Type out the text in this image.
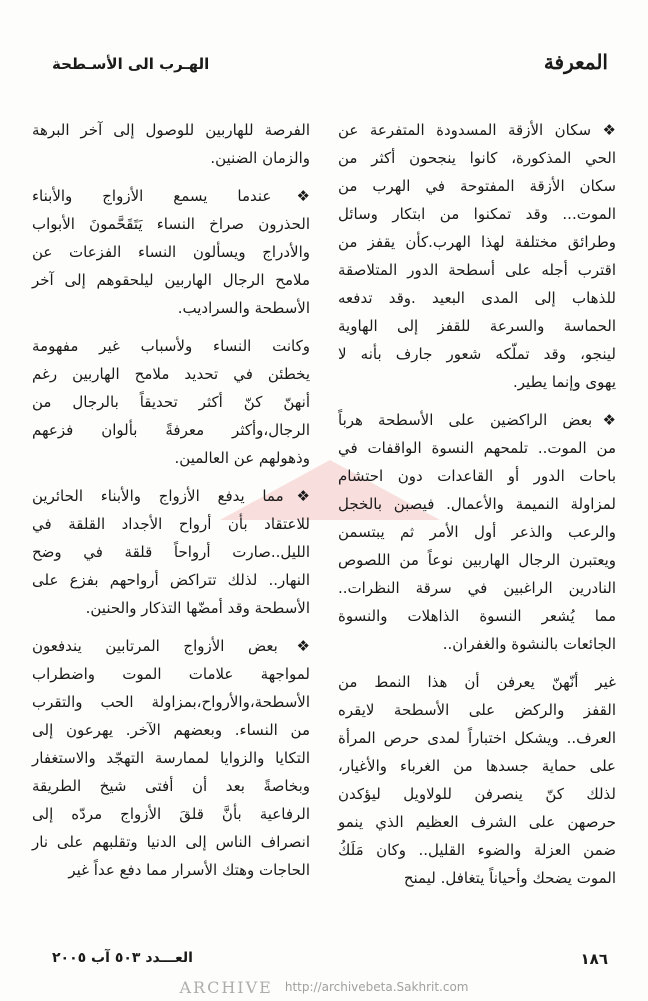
المعرفة
الهـرب الى الأسـطحة
❖ سكان الأزقة المسدودة المتفرعة عن
الحي المذكورة، كانوا ينجحون أكثر من
سكان الأزقة المفتوحة في الهرب من
الموت... وقد تمكنوا من ابتكار وسائل
وطرائق مختلفة لهذا الهرب.كأن يقفز من
اقترب أجله على أسطحة الدور المتلاصقة
للذهاب إلى المدى البعيد .وقد تدفعه
الحماسة والسرعة للقفز إلى الهاوية
لينجو، وقد تملّكه شعور جارف بأنه لا
يهوى وإنما يطير.
❖بعض الراكضين على الأسطحة هرباً
من الموت.. تلمحهم النسوة الواقفات في
باحات الدور أو القاعدات دون احتشام
لمزاولة النميمة والأعمال. فيصبن بالخجل
والرعب والذعر أول الأمر ثم يبتسمن
ويعتبرن الرجال الهاربين نوعاً من اللصوص
النادرين الراغبين في سرقة النظرات..
مما يُشعر النسوة الذاهلات والنسوة
الجائعات بالنشوة والغفران..
غير أنّهنّ يعرفن أن هذا النمط من
القفز والركض على الأسطحة لايقره
العرف.. ويشكل اختباراً لمدى حرص المرأة
على حماية جسدها من الغرباء والأغيار،
لذلك كنّ ينصرفن للولاويل ليؤكدن
حرصهن على الشرف العظيم الذي ينمو
ضمن العزلة والضوء القليل.. وكان مَلَكُ
الموت يضحك وأحياناً يتغافل. ليمنح
الفرصة للهاربين للوصول إلى آخر البرهة
والزمان الضنين.
❖عندما يسمع الأزواج والأبناء
الحذرون صراخ النساء يَتَقَحَّمونَ الأبواب
والأدراج ويسألون النساء الفزعات عن
ملامح الرجال الهاربين ليلحقوهم إلى آخر
الأسطحة والسراديب.
وكانت النساء ولأسباب غير مفهومة
يخطئن في تحديد ملامح الهاربين رغم
أنهنّ كنّ أكثر تحديقاً بالرجال من
الرجال،وأكثر معرفةً بألوان فزعهم
وذهولهم عن العالمين.
❖مما يدفع الأزواج والأبناء الحائرين
للاعتقاد بأن أرواح الأجداد القلقة في
الليل..صارت أرواحاً قلقة في وضح
النهار.. لذلك تتراكض أرواحهم بفزع على
الأسطحة وقد أمضّها التذكار والحنين.
❖بعض الأزواج المرتابين يندفعون
لمواجهة علامات الموت واضطراب
الأسطحة،والأرواح،بمزاولة الحب والتقرب
من النساء. وبعضهم الآخر. يهرعون إلى
التكايا والزوايا لممارسة التهجّد والاستغفار
وبخاصةً بعد أن أفتى شيخ الطريقة
الرفاعية بأنَّ قلقَ الأزواج مردّه إلى
انصراف الناس إلى الدنيا وتقلبهم على نار
الحاجات وهتك الأسرار مما دفع عداً غير
١٨٦
العـــدد ٥٠٣ آب ٢٠٠٥
ARCHIVE http://archivebeta.Sakhrit.com
